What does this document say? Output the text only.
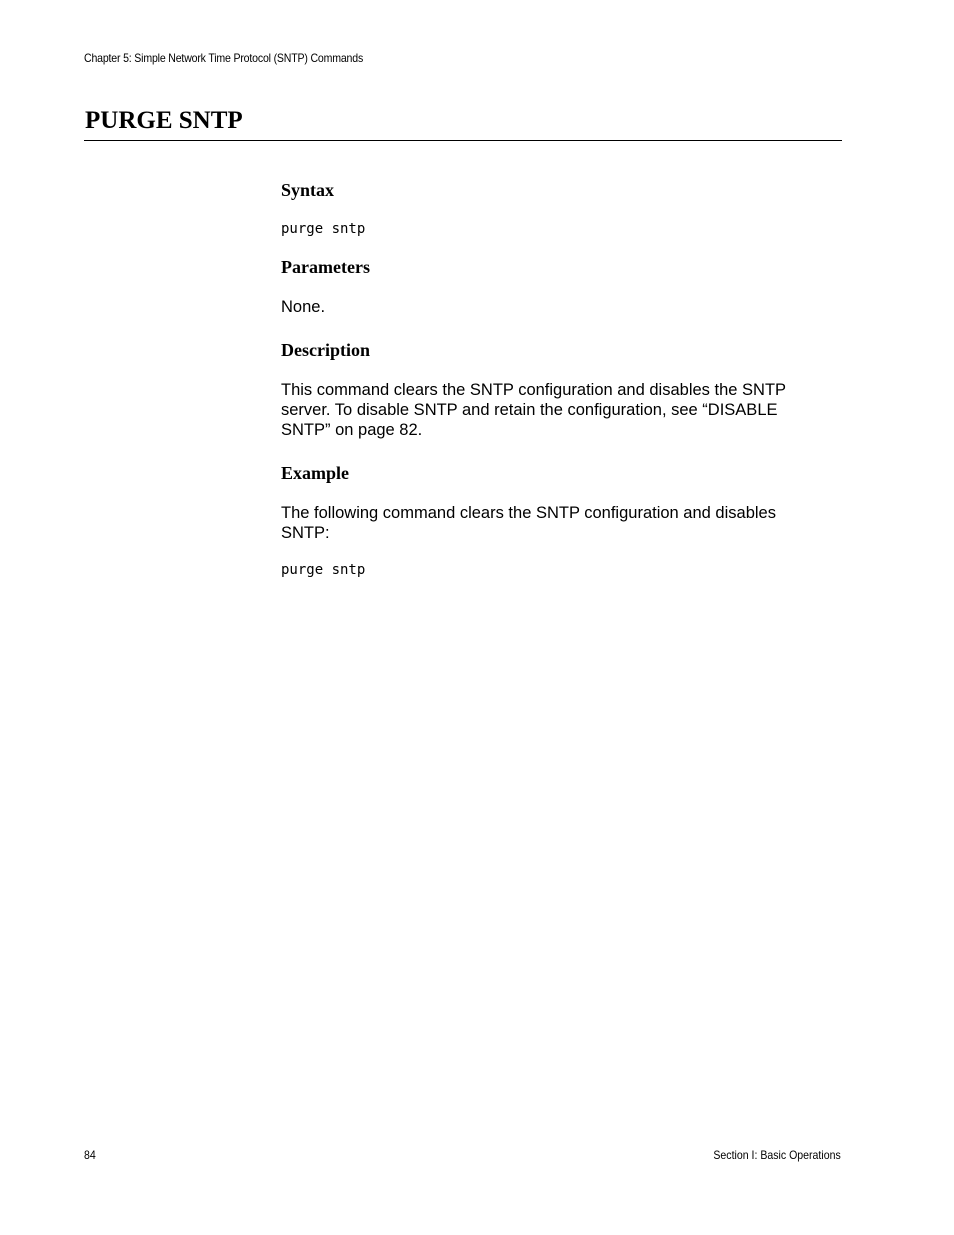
Chapter 5: Simple Network Time Protocol (SNTP) Commands
PURGE SNTP
Syntax
purge sntp
Parameters

None.

Description

This command clears the SNTP configuration and disables the SNTP server. To disable SNTP and retain the configuration, see “DISABLE SNTP” on page 82.

Example

The following command clears the SNTP configuration and disables SNTP:

purge sntp
84	Section I: Basic Operations
